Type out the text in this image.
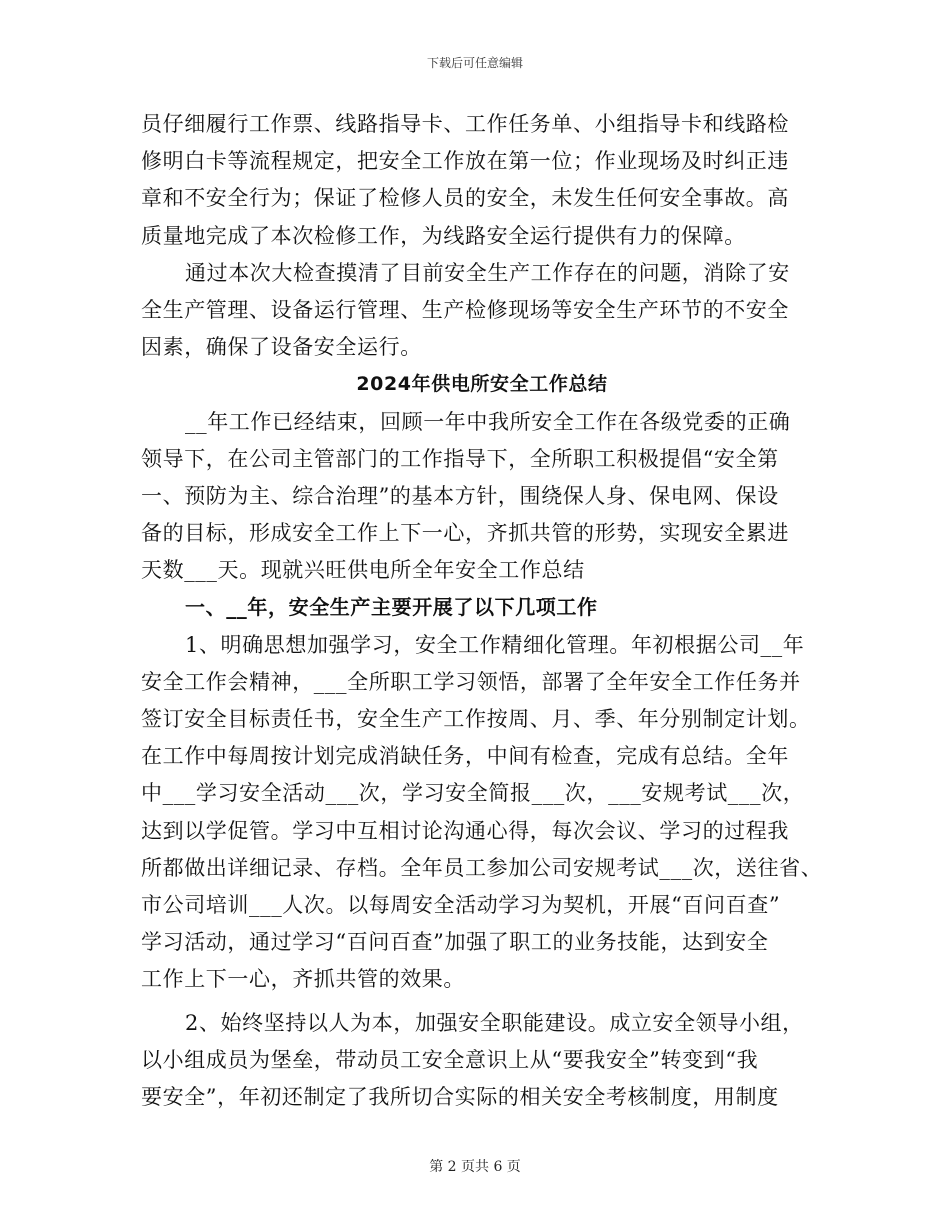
下载后可任意编辑
员仔细履行工作票、线路指导卡、工作任务单、小组指导卡和线路检
修明白卡等流程规定，把安全工作放在第一位；作业现场及时纠正违
章和不安全行为；保证了检修人员的安全，未发生任何安全事故。高
质量地完成了本次检修工作，为线路安全运行提供有力的保障。
通过本次大检查摸清了目前安全生产工作存在的问题，消除了安
全生产管理、设备运行管理、生产检修现场等安全生产环节的不安全
因素，确保了设备安全运行。
2024年供电所安全工作总结
__年工作已经结束，回顾一年中我所安全工作在各级党委的正确
领导下，在公司主管部门的工作指导下，全所职工积极提倡“安全第
一、预防为主、综合治理”的基本方针，围绕保人身、保电网、保设
备的目标，形成安全工作上下一心，齐抓共管的形势，实现安全累进
天数___天。现就兴旺供电所全年安全工作总结
一、__年，安全生产主要开展了以下几项工作
1、明确思想加强学习，安全工作精细化管理。年初根据公司__年
安全工作会精神，___全所职工学习领悟，部署了全年安全工作任务并
签订安全目标责任书，安全生产工作按周、月、季、年分别制定计划。
在工作中每周按计划完成消缺任务，中间有检查，完成有总结。全年
中___学习安全活动___次，学习安全简报___次，___安规考试___次，
达到以学促管。学习中互相讨论沟通心得，每次会议、学习的过程我
所都做出详细记录、存档。全年员工参加公司安规考试___次，送往省、
市公司培训___人次。以每周安全活动学习为契机，开展“百问百查”
学习活动，通过学习“百问百查”加强了职工的业务技能，达到安全
工作上下一心，齐抓共管的效果。
2、始终坚持以人为本，加强安全职能建设。成立安全领导小组，
以小组成员为堡垒，带动员工安全意识上从“要我安全”转变到“我
要安全”，年初还制定了我所切合实际的相关安全考核制度，用制度
第 2 页共 6 页
